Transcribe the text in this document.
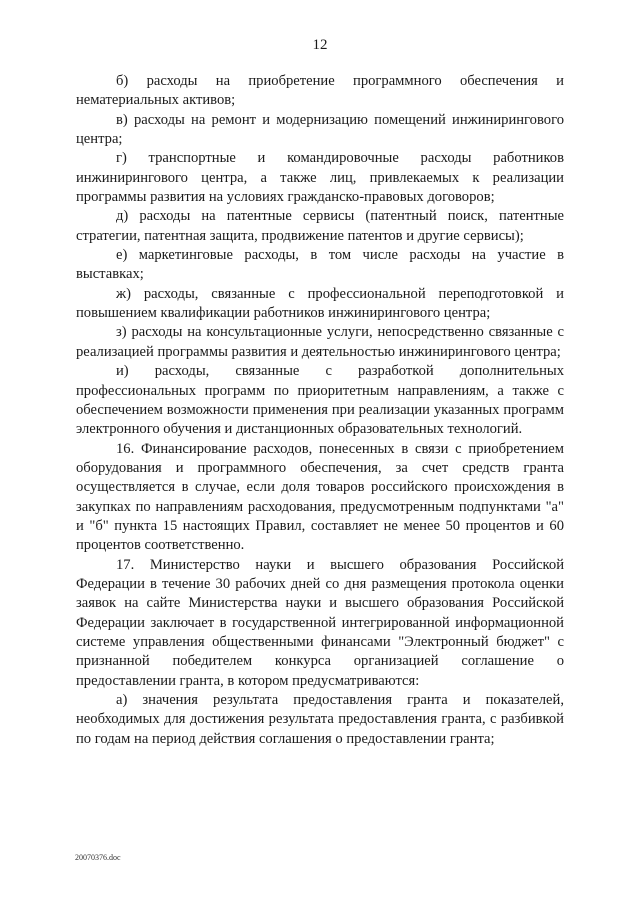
12

б) расходы на приобретение программного обеспечения и нематериальных активов;

в) расходы на ремонт и модернизацию помещений инжинирингового центра;

г) транспортные и командировочные расходы работников инжинирингового центра, а также лиц, привлекаемых к реализации программы развития на условиях гражданско-правовых договоров;

д) расходы на патентные сервисы (патентный поиск, патентные стратегии, патентная защита, продвижение патентов и другие сервисы);

е) маркетинговые расходы, в том числе расходы на участие в выставках;

ж) расходы, связанные с профессиональной переподготовкой и повышением квалификации работников инжинирингового центра;

з) расходы на консультационные услуги, непосредственно связанные с реализацией программы развития и деятельностью инжинирингового центра;

и) расходы, связанные с разработкой дополнительных профессиональных программ по приоритетным направлениям, а также с обеспечением возможности применения при реализации указанных программ электронного обучения и дистанционных образовательных технологий.

16. Финансирование расходов, понесенных в связи с приобретением оборудования и программного обеспечения, за счет средств гранта осуществляется в случае, если доля товаров российского происхождения в закупках по направлениям расходования, предусмотренным подпунктами "а" и "б" пункта 15 настоящих Правил, составляет не менее 50 процентов и 60 процентов соответственно.

17. Министерство науки и высшего образования Российской Федерации в течение 30 рабочих дней со дня размещения протокола оценки заявок на сайте Министерства науки и высшего образования Российской Федерации заключает в государственной интегрированной информационной системе управления общественными финансами "Электронный бюджет" с признанной победителем конкурса организацией соглашение о предоставлении гранта, в котором предусматриваются:

а) значения результата предоставления гранта и показателей, необходимых для достижения результата предоставления гранта, с разбивкой по годам на период действия соглашения о предоставлении гранта;

20070376.doc
